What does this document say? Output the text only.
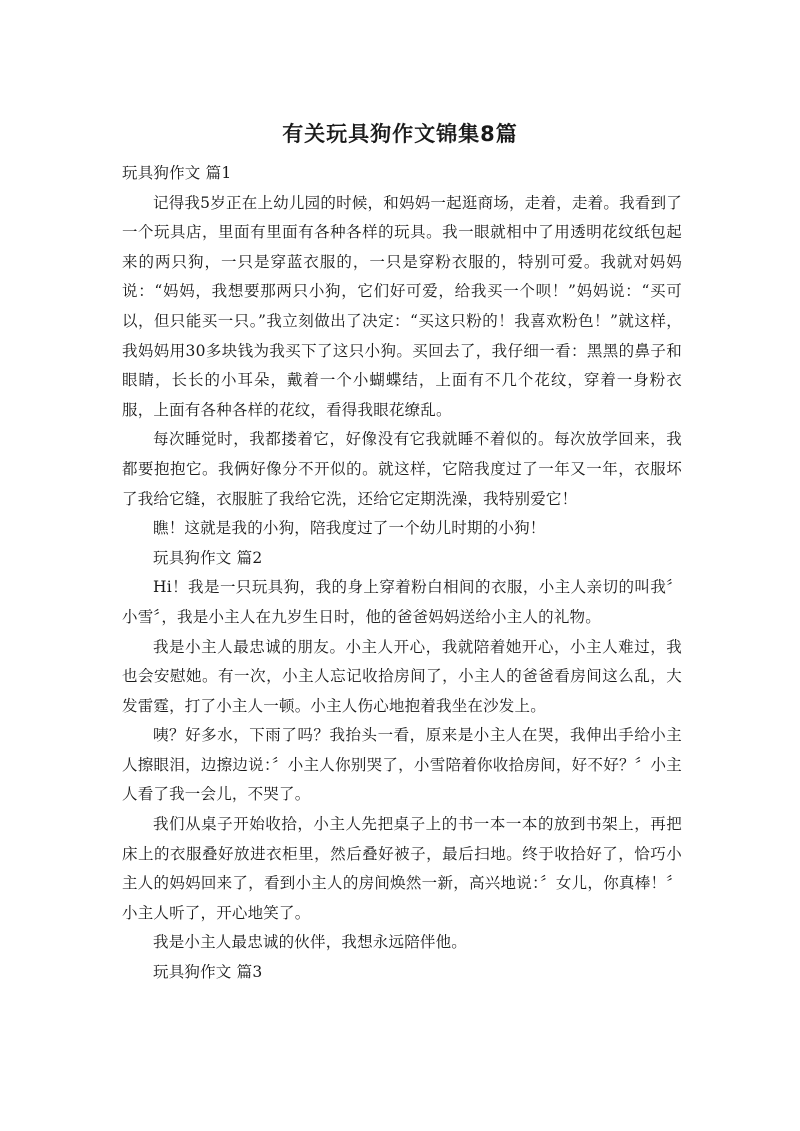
有关玩具狗作文锦集8篇

玩具狗作文 篇1

记得我5岁正在上幼儿园的时候，和妈妈一起逛商场，走着，走着。我看到了一个玩具店，里面有里面有各种各样的玩具。我一眼就相中了用透明花纹纸包起来的两只狗，一只是穿蓝衣服的，一只是穿粉衣服的，特别可爱。我就对妈妈说：“妈妈，我想要那两只小狗，它们好可爱，给我买一个呗！”妈妈说：“买可以，但只能买一只。”我立刻做出了决定：“买这只粉的！我喜欢粉色！”就这样，我妈妈用30多块钱为我买下了这只小狗。买回去了，我仔细一看：黑黑的鼻子和眼睛，长长的小耳朵，戴着一个小蝴蝶结，上面有不几个花纹，穿着一身粉衣服，上面有各种各样的花纹，看得我眼花缭乱。

每次睡觉时，我都搂着它，好像没有它我就睡不着似的。每次放学回来，我都要抱抱它。我俩好像分不开似的。就这样，它陪我度过了一年又一年，衣服坏了我给它缝，衣服脏了我给它洗，还给它定期洗澡，我特别爱它！

瞧！这就是我的小狗，陪我度过了一个幼儿时期的小狗！

玩具狗作文 篇2

Hi！我是一只玩具狗，我的身上穿着粉白相间的衣服，小主人亲切的叫我〞小雪〞，我是小主人在九岁生日时，他的爸爸妈妈送给小主人的礼物。

我是小主人最忠诚的朋友。小主人开心，我就陪着她开心，小主人难过，我也会安慰她。有一次，小主人忘记收拾房间了，小主人的爸爸看房间这么乱，大发雷霆，打了小主人一顿。小主人伤心地抱着我坐在沙发上。

咦？好多水，下雨了吗？我抬头一看，原来是小主人在哭，我伸出手给小主人擦眼泪，边擦边说：〞小主人你别哭了，小雪陪着你收拾房间，好不好？〞小主人看了我一会儿，不哭了。

我们从桌子开始收拾，小主人先把桌子上的书一本一本的放到书架上，再把床上的衣服叠好放进衣柜里，然后叠好被子，最后扫地。终于收拾好了，恰巧小主人的妈妈回来了，看到小主人的房间焕然一新，高兴地说：〞女儿，你真棒！〞小主人听了，开心地笑了。

我是小主人最忠诚的伙伴，我想永远陪伴他。

玩具狗作文 篇3
